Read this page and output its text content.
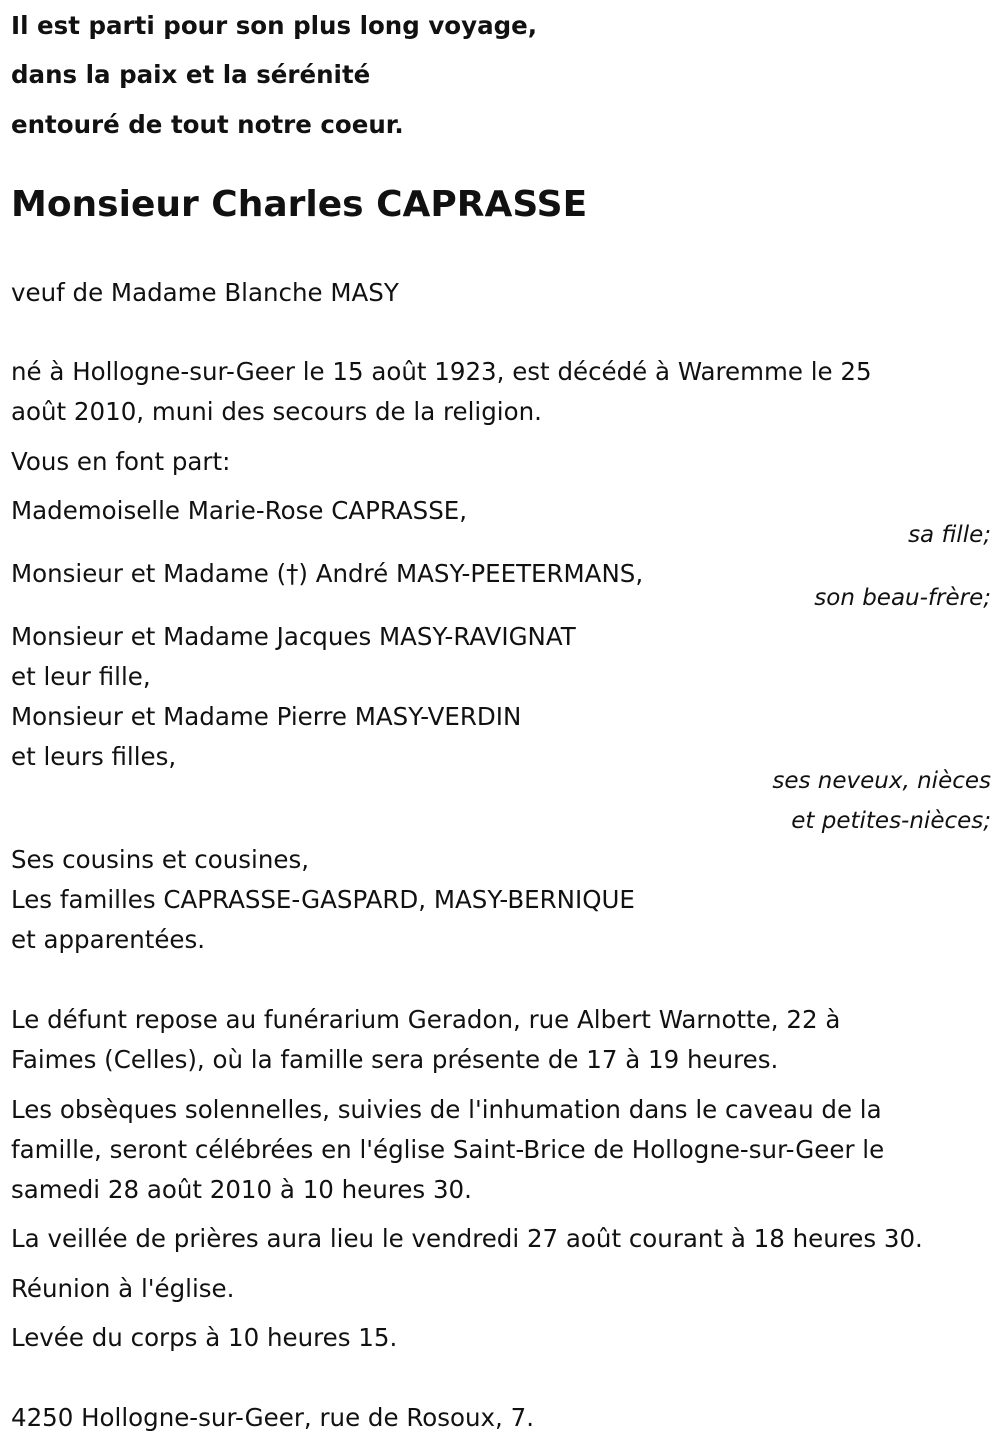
Il est parti pour son plus long voyage,
dans la paix et la sérénité
entouré de tout notre coeur.
Monsieur Charles CAPRASSE
veuf de Madame Blanche MASY
né à Hollogne-sur-Geer le 15 août 1923, est décédé à Waremme le 25
août 2010, muni des secours de la religion.
Vous en font part:
Mademoiselle Marie-Rose CAPRASSE,
sa fille;
Monsieur et Madame (†) André MASY-PEETERMANS,
son beau-frère;
Monsieur et Madame Jacques MASY-RAVIGNAT
et leur fille,
Monsieur et Madame Pierre MASY-VERDIN
et leurs filles,
ses neveux, nièces
et petites-nièces;
Ses cousins et cousines,
Les familles CAPRASSE-GASPARD, MASY-BERNIQUE
et apparentées.
Le défunt repose au funérarium Geradon, rue Albert Warnotte, 22 à
Faimes (Celles), où la famille sera présente de 17 à 19 heures.
Les obsèques solennelles, suivies de l'inhumation dans le caveau de la
famille, seront célébrées en l'église Saint-Brice de Hollogne-sur-Geer le
samedi 28 août 2010 à 10 heures 30.
La veillée de prières aura lieu le vendredi 27 août courant à 18 heures 30.
Réunion à l'église.
Levée du corps à 10 heures 15.
4250 Hollogne-sur-Geer, rue de Rosoux, 7.
